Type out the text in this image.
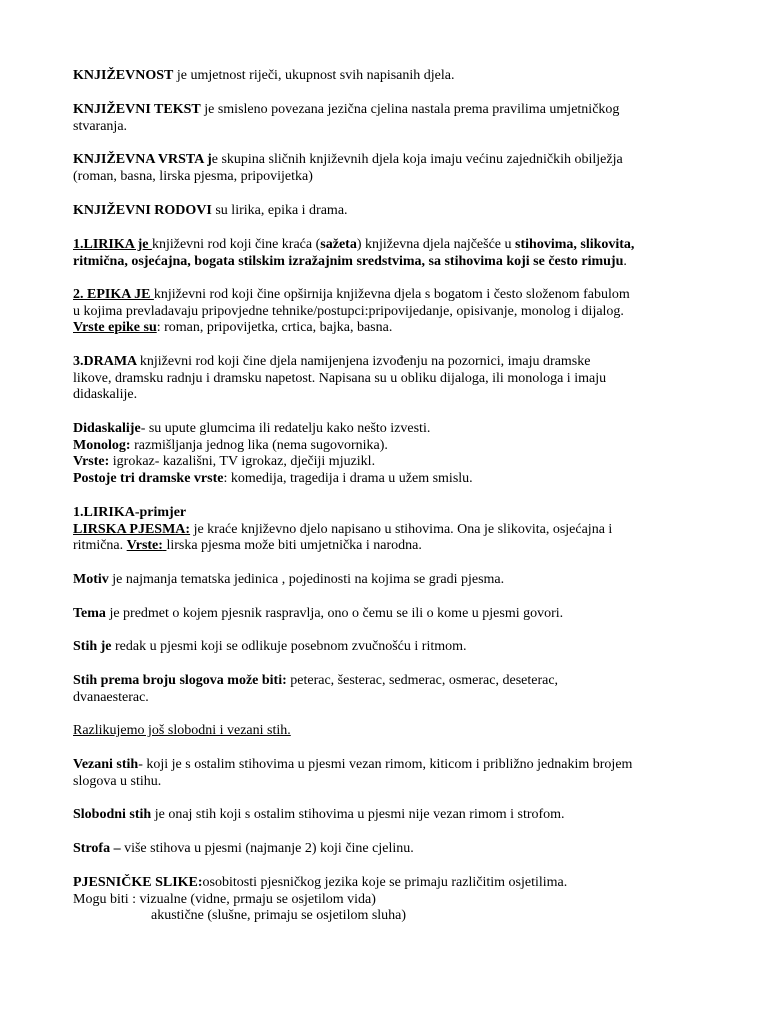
KNJIŽEVNOST je umjetnost riječi, ukupnost svih napisanih djela.
KNJIŽEVNI TEKST je smisleno povezana jezična cjelina nastala prema pravilima umjetničkog
stvaranja.
KNJIŽEVNA VRSTA je skupina sličnih književnih djela koja imaju većinu zajedničkih obilježja
(roman, basna, lirska pjesma, pripovijetka)
KNJIŽEVNI RODOVI su lirika, epika i drama.
1.LIRIKA je književni rod koji čine kraća (sažeta) književna djela najčešće u stihovima, slikovita,
ritmična, osjećajna, bogata stilskim izražajnim sredstvima, sa stihovima koji se često rimuju.
2. EPIKA JE književni rod koji čine opširnija književna djela s bogatom i često složenom fabulom
u kojima prevladavaju pripovjedne tehnike/postupci:pripovijedanje, opisivanje, monolog i dijalog.
Vrste epike su: roman, pripovijetka, crtica, bajka, basna.
3.DRAMA književni rod koji čine djela namijenjena izvođenju na pozornici, imaju dramske
likove, dramsku radnju i dramsku napetost. Napisana su u obliku dijaloga, ili monologa i imaju
didaskalije.
Didaskalije- su upute glumcima ili redatelju kako nešto izvesti.
Monolog: razmišljanja jednog lika (nema sugovornika).
Vrste: igrokaz- kazališni, TV igrokaz, dječiji mjuzikl.
Postoje tri dramske vrste: komedija, tragedija i drama u užem smislu.
1.LIRIKA-primjer
LIRSKA PJESMA: je kraće književno djelo napisano u stihovima. Ona je slikovita, osjećajna i
ritmična. Vrste: lirska pjesma može biti umjetnička i narodna.
Motiv je najmanja tematska jedinica , pojedinosti na kojima se gradi pjesma.
Tema je predmet o kojem pjesnik raspravlja, ono o čemu se ili o kome u pjesmi govori.
Stih je redak u pjesmi koji se odlikuje posebnom zvučnošću i ritmom.
Stih prema broju slogova može biti: peterac, šesterac, sedmerac, osmerac, deseterac,
dvanaesterac.
Razlikujemo još slobodni i vezani stih.
Vezani stih- koji je s ostalim stihovima u pjesmi vezan rimom, kiticom i približno jednakim brojem
slogova u stihu.
Slobodni stih je onaj stih koji s ostalim stihovima u pjesmi nije vezan rimom i strofom.
Strofa – više stihova u pjesmi (najmanje 2) koji čine cjelinu.
PJESNIČKE SLIKE:osobitosti pjesničkog jezika koje se primaju različitim osjetilima.
Mogu biti : vizualne (vidne, prmaju se osjetilom vida)
akustične (slušne, primaju se osjetilom sluha)
